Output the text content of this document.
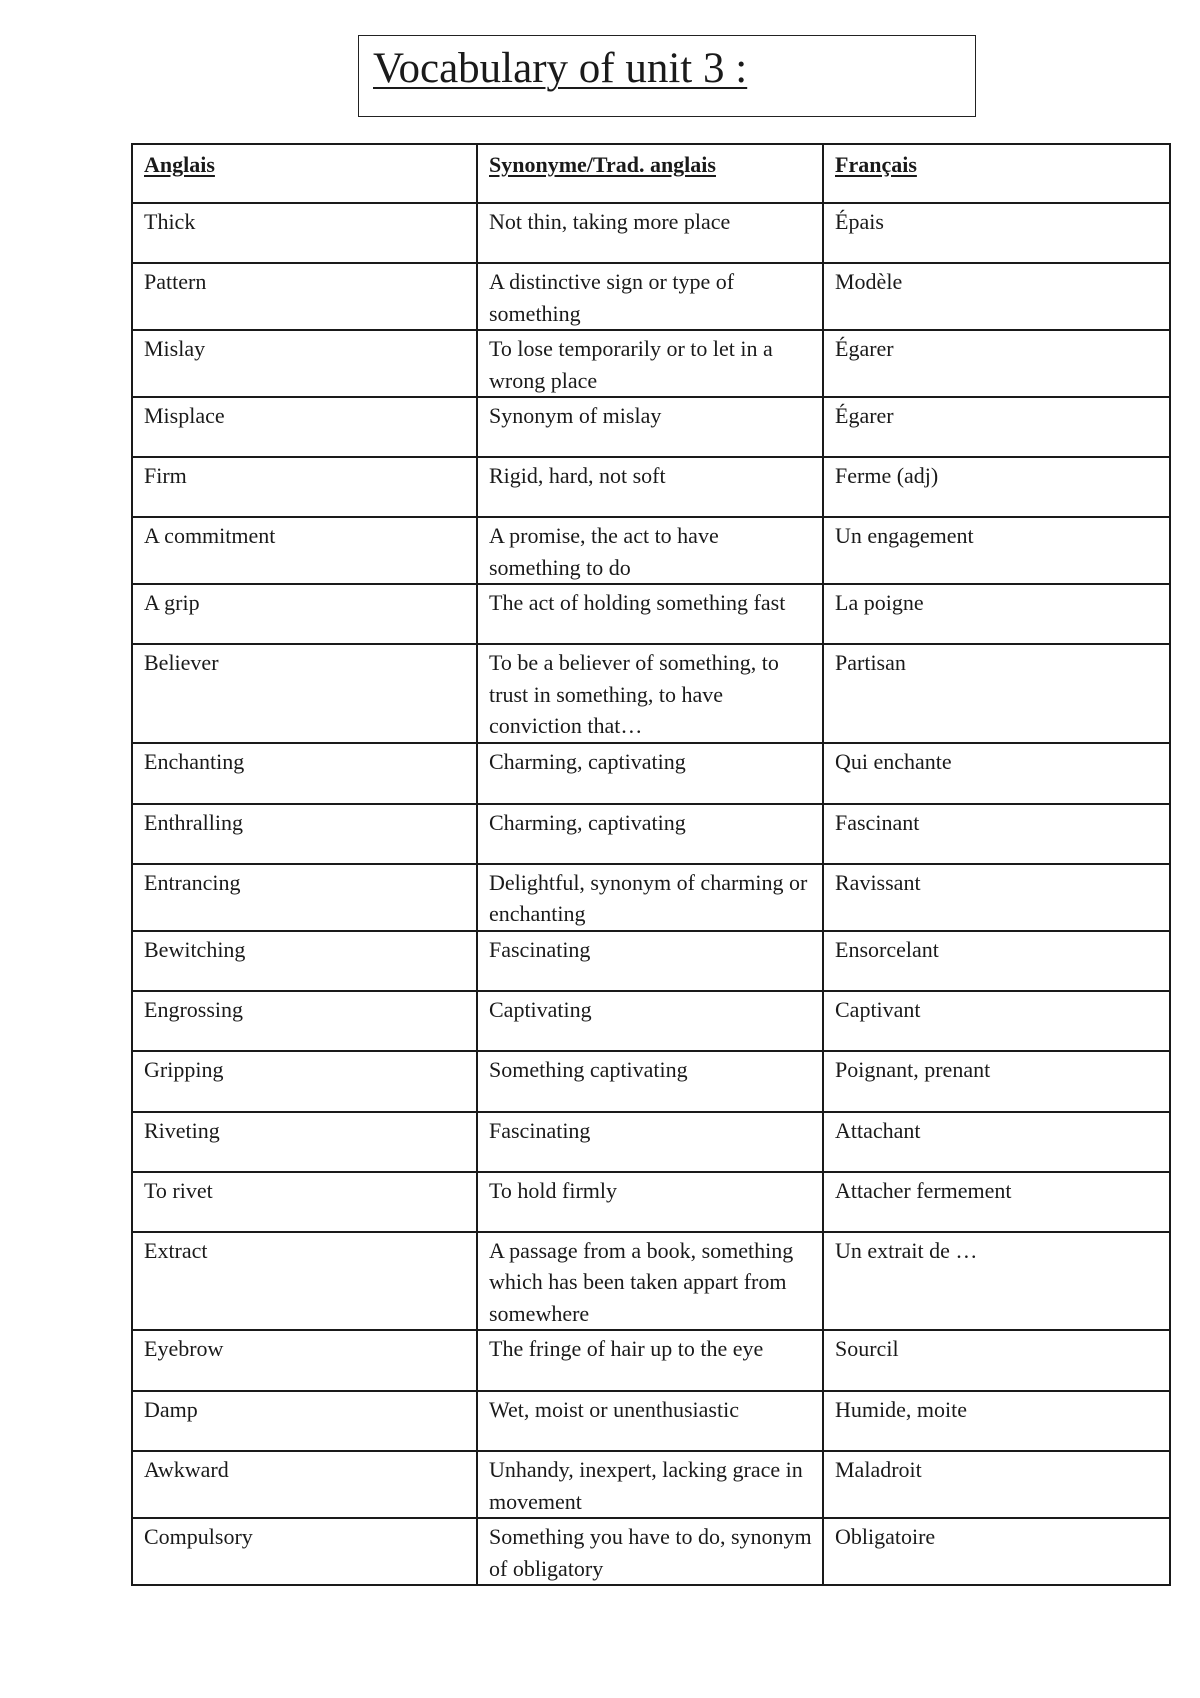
Vocabulary of unit 3 :
Anglais	Synonyme/Trad. anglais	Français
Thick	Not thin, taking more place	Épais
Pattern	A distinctive sign or type of something	Modèle
Mislay	To lose temporarily or to let in a wrong place	Égarer
Misplace	Synonym of mislay	Égarer
Firm	Rigid, hard, not soft	Ferme (adj)
A commitment	A promise, the act to have something to do	Un engagement
A grip	The act of holding something fast	La poigne
Believer	To be a believer of something, to trust in something, to have conviction that…	Partisan
Enchanting	Charming, captivating	Qui enchante
Enthralling	Charming, captivating	Fascinant
Entrancing	Delightful, synonym of charming or enchanting	Ravissant
Bewitching	Fascinating	Ensorcelant
Engrossing	Captivating	Captivant
Gripping	Something captivating	Poignant, prenant
Riveting	Fascinating	Attachant
To rivet	To hold firmly	Attacher fermement
Extract	A passage from a book, something which has been taken appart from somewhere	Un extrait de …
Eyebrow	The fringe of hair up to the eye	Sourcil
Damp	Wet, moist or unenthusiastic	Humide, moite
Awkward	Unhandy, inexpert, lacking grace in movement	Maladroit
Compulsory	Something you have to do, synonym of obligatory	Obligatoire
